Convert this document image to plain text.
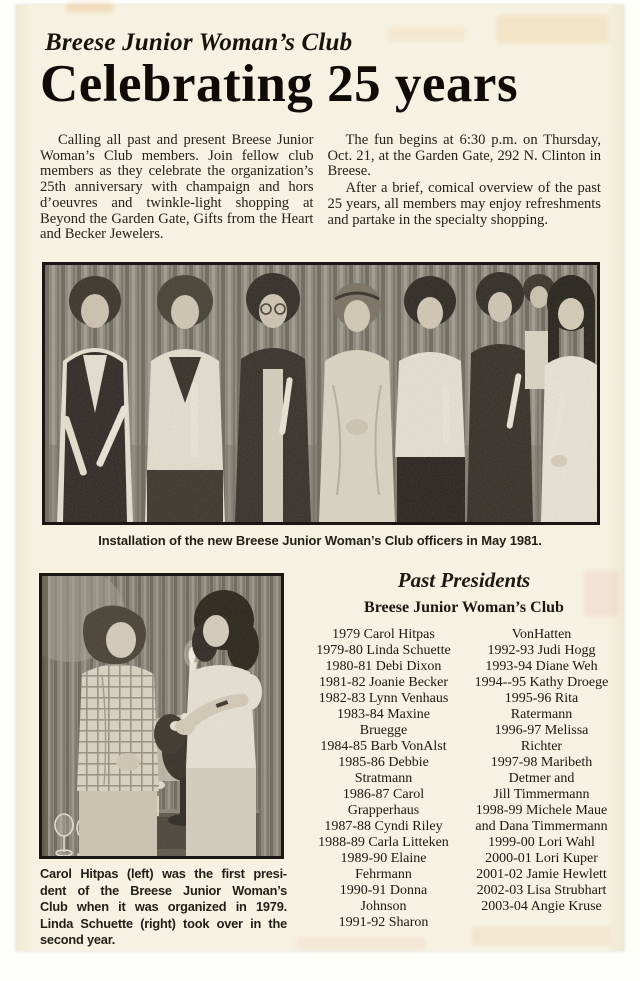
Breese Junior Woman’s Club
Celebrating 25 years

Calling all past and present Breese Junior Woman’s Club members. Join fellow club members as they celebrate the organization’s 25th anniversary with champaign and hors d’oeuvres and twinkle-light shopping at Beyond the Garden Gate, Gifts from the Heart and Becker Jewelers.

The fun begins at 6:30 p.m. on Thursday, Oct. 21, at the Garden Gate, 292 N. Clinton in Breese.

After a brief, comical overview of the past 25 years, all members may enjoy refreshments and partake in the specialty shopping.

Installation of the new Breese Junior Woman’s Club officers in May 1981.
Carol Hitpas (left) was the first presi-
dent of the Breese Junior Woman’s
Club when it was organized in 1979.
Linda Schuette (right) took over in the
second year.
Past Presidents
Breese Junior Woman’s Club
1979 Carol Hitpas
1979-80 Linda Schuette
1980-81 Debi Dixon
1981-82 Joanie Becker
1982-83 Lynn Venhaus
1983-84 Maxine
Bruegge
1984-85 Barb VonAlst
1985-86 Debbie
Stratmann
1986-87 Carol
Grapperhaus
1987-88 Cyndi Riley
1988-89 Carla Litteken
1989-90 Elaine
Fehrmann
1990-91 Donna
Johnson
1991-92 Sharon
VonHatten
1992-93 Judi Hogg
1993-94 Diane Weh
1994--95 Kathy Droege
1995-96 Rita
Ratermann
1996-97 Melissa
Richter
1997-98 Maribeth
Detmer and
Jill Timmermann
1998-99 Michele Maue
and Dana Timmermann
1999-00 Lori Wahl
2000-01 Lori Kuper
2001-02 Jamie Hewlett
2002-03 Lisa Strubhart
2003-04 Angie Kruse
